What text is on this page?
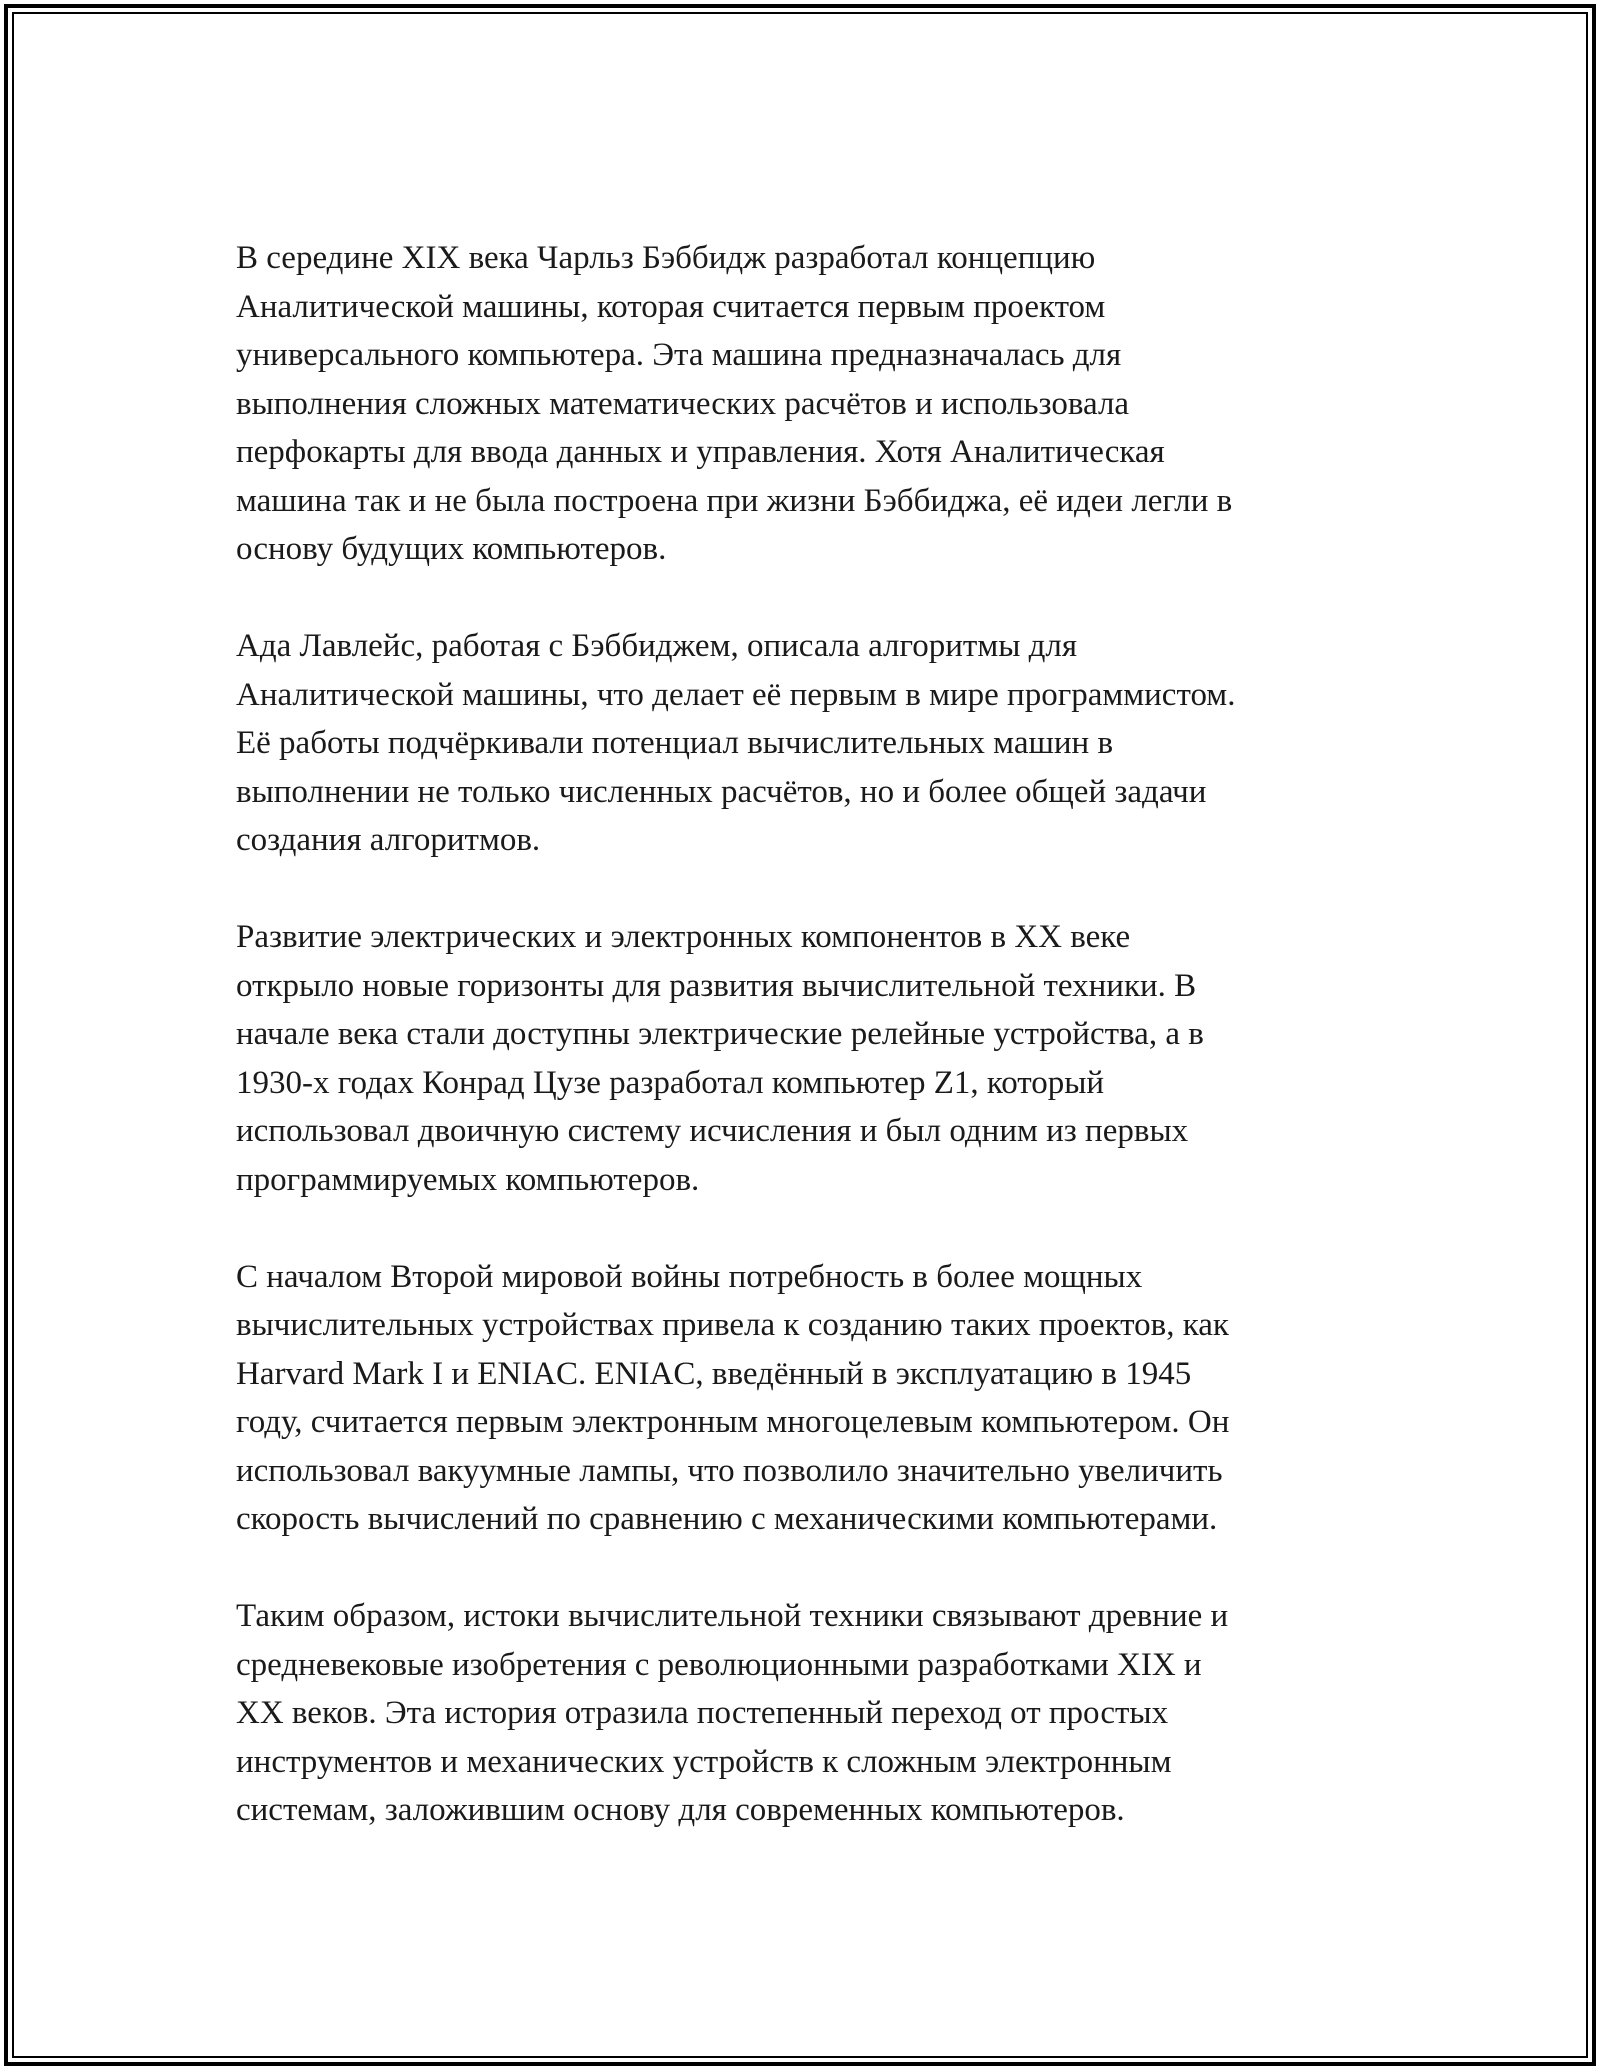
В середине XIX века Чарльз Бэббидж разработал концепцию
Аналитической машины, которая считается первым проектом
универсального компьютера. Эта машина предназначалась для
выполнения сложных математических расчётов и использовала
перфокарты для ввода данных и управления. Хотя Аналитическая
машина так и не была построена при жизни Бэббиджа, её идеи легли в
основу будущих компьютеров.

Ада Лавлейс, работая с Бэббиджем, описала алгоритмы для
Аналитической машины, что делает её первым в мире программистом.
Её работы подчёркивали потенциал вычислительных машин в
выполнении не только численных расчётов, но и более общей задачи
создания алгоритмов.

Развитие электрических и электронных компонентов в XX веке
открыло новые горизонты для развития вычислительной техники. В
начале века стали доступны электрические релейные устройства, а в
1930-х годах Конрад Цузе разработал компьютер Z1, который
использовал двоичную систему исчисления и был одним из первых
программируемых компьютеров.

С началом Второй мировой войны потребность в более мощных
вычислительных устройствах привела к созданию таких проектов, как
Harvard Mark I и ENIAC. ENIAC, введённый в эксплуатацию в 1945
году, считается первым электронным многоцелевым компьютером. Он
использовал вакуумные лампы, что позволило значительно увеличить
скорость вычислений по сравнению с механическими компьютерами.

Таким образом, истоки вычислительной техники связывают древние и
средневековые изобретения с революционными разработками XIX и
XX веков. Эта история отразила постепенный переход от простых
инструментов и механических устройств к сложным электронным
системам, заложившим основу для современных компьютеров.
